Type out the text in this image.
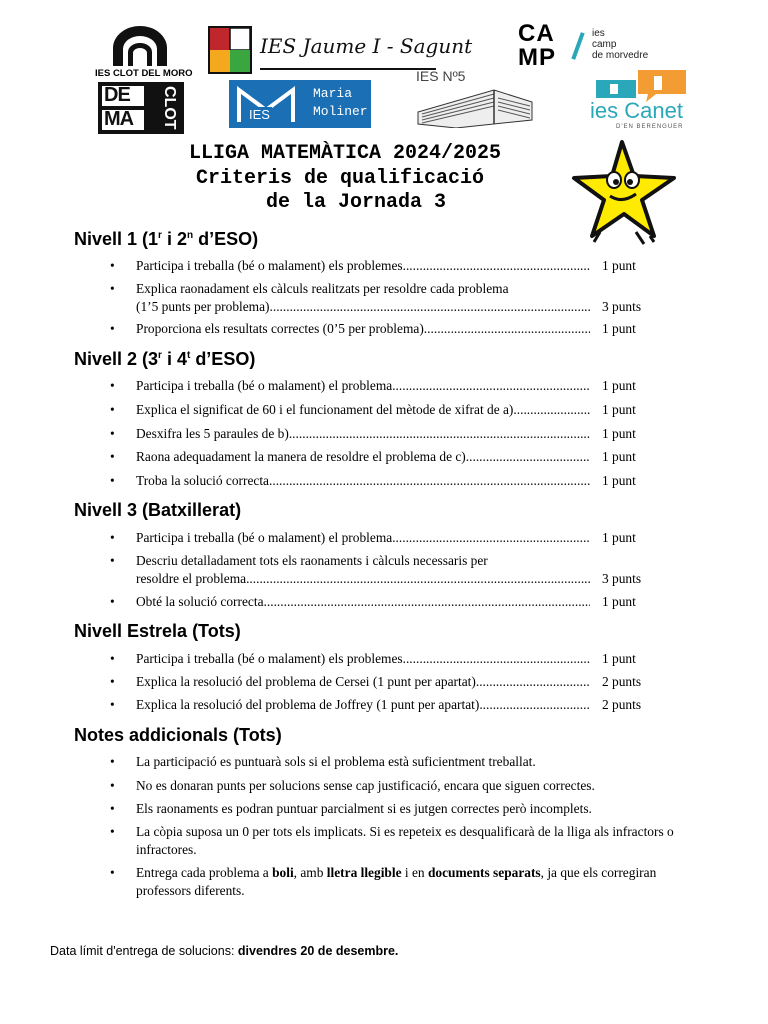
IES CLOT DEL MORO
DE
MA CLOT
IES Jaume I - Sagunt
IES
Maria
Moliner
IES Nº5
CA
MP
ies
camp
de morvedre
ies Canet
D'EN BERENGUER
LLIGA MATEMÀTICA 2024/2025
Criteris de qualificació
de la Jornada 3
Nivell 1 (1$^r$ i 2$^n$ d’ESO)
•	Participa i treballa (bé o malament) els problemes .....	1 punt
•	Explica raonadament els càlculs realitzats per resoldre cada problema
(1’5 punts per problema) .....	3 punts
•	Proporciona els resultats correctes (0’5 per problema) .....	1 punt
Nivell 2 (3$^r$ i 4$^t$ d’ESO)
•	Participa i treballa (bé o malament) el problema .....	1 punt
•	Explica el significat de 60 i el funcionament del mètode de xifrat de a) .....	1 punt
•	Desxifra les 5 paraules de b) .....	1 punt
•	Raona adequadament la manera de resoldre el problema de c) .....	1 punt
•	Troba la solució correcta .....	1 punt
Nivell 3 (Batxillerat)
•	Participa i treballa (bé o malament) el problema .....	1 punt
•	Descriu detalladament tots els raonaments i càlculs necessaris per
resoldre el problema .....	3 punts
•	Obté la solució correcta .....	1 punt
Nivell Estrela (Tots)
•	Participa i treballa (bé o malament) els problemes .....	1 punt
•	Explica la resolució del problema de Cersei (1 punt per apartat) .....	2 punts
•	Explica la resolució del problema de Joffrey (1 punt per apartat) .....	2 punts
Notes addicionals (Tots)
•	La participació es puntuarà sols si el problema està suficientment treballat.
•	No es donaran punts per solucions sense cap justificació, encara que siguen correctes.
•	Els raonaments es podran puntuar parcialment si es jutgen correctes però incomplets.
•	La còpia suposa un 0 per tots els implicats. Si es repeteix es desqualificarà de la lliga als infractors o infractores.
•	Entrega cada problema a boli, amb lletra llegible i en documents separats, ja que els corregiran professors diferents.
Data límit d'entrega de solucions: divendres 20 de desembre.
